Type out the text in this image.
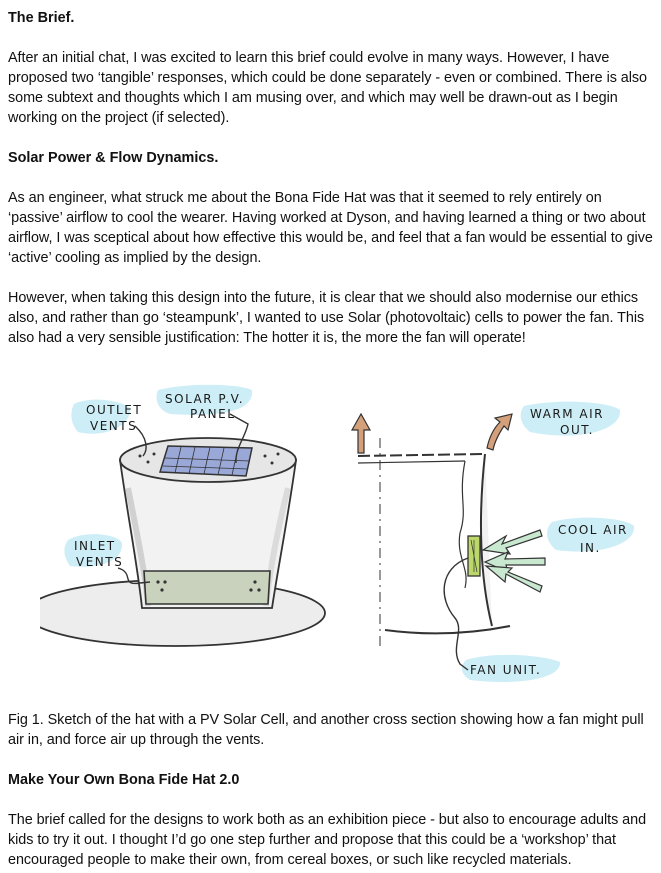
The Brief.

After an initial chat, I was excited to learn this brief could evolve in many ways. However, I have proposed two ‘tangible’ responses, which could be done separately - even or combined. There is also some subtext and thoughts which I am musing over, and which may well be drawn-out as I begin working on the project (if selected).

Solar Power & Flow Dynamics.

As an engineer, what struck me about the Bona Fide Hat was that it seemed to rely entirely on ‘passive’ airflow to cool the wearer. Having worked at Dyson, and having learned a thing or two about airflow, I was sceptical about how effective this would be, and feel that a fan would be essential to give ‘active’ cooling as implied by the design.

However, when taking this design into the future, it is clear that we should also modernise our ethics also, and rather than go ‘steampunk’, I wanted to use Solar (photovoltaic) cells to power the fan. This also had a very sensible justification: The hotter it is, the more the fan will operate!

OUTLET
VENTS
SOLAR P.V.
PANEL
INLET
VENTS
WARM AIR
OUT.
COOL AIR
IN.
FAN UNIT.

Fig 1. Sketch of the hat with a PV Solar Cell, and another cross section showing how a fan might pull air in, and force air up through the vents.

Make Your Own Bona Fide Hat 2.0

The brief called for the designs to work both as an exhibition piece - but also to encourage adults and kids to try it out. I thought I’d go one step further and propose that this could be a ‘workshop’ that encouraged people to make their own, from cereal boxes, or such like recycled materials.
